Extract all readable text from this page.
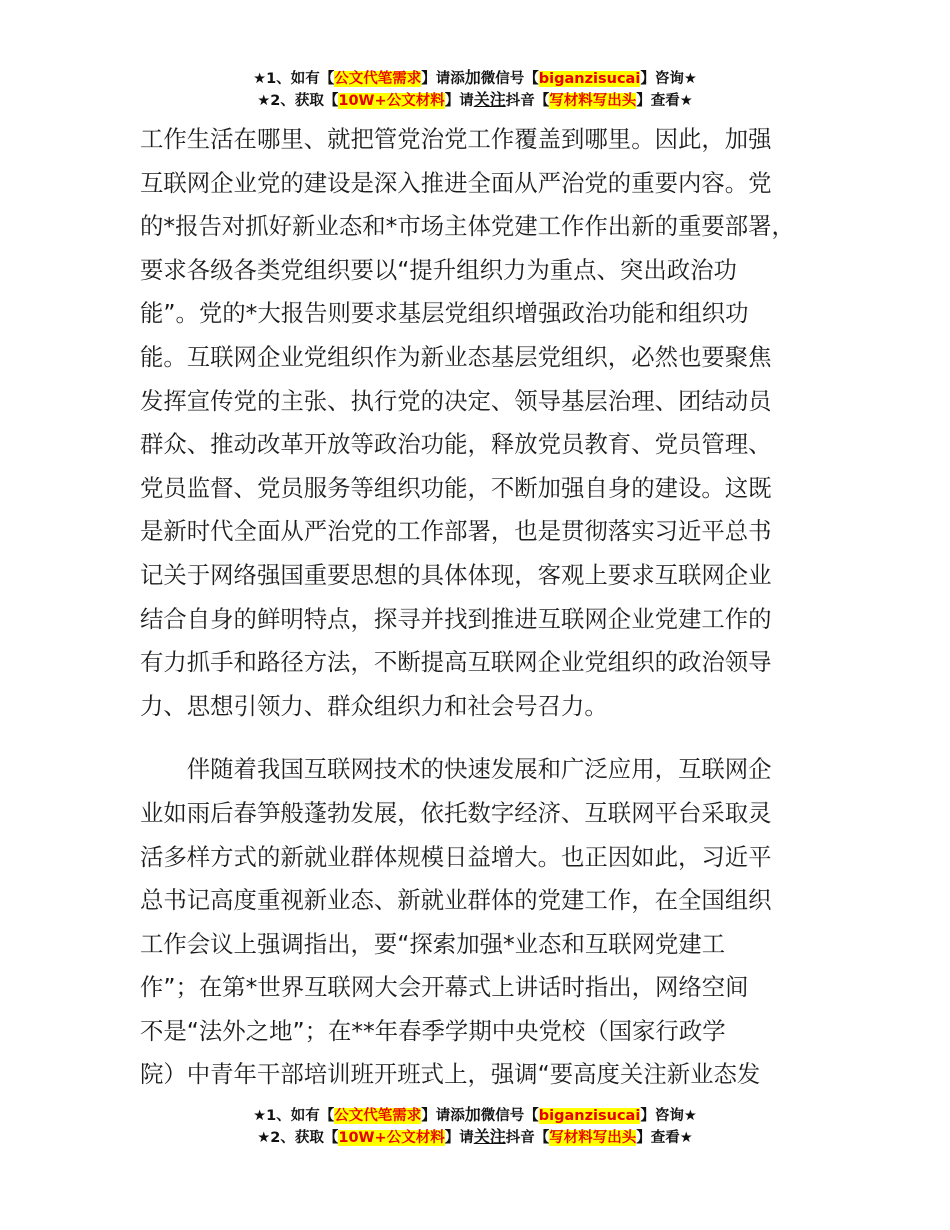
★1、如有【公文代笔需求】请添加微信号【biganzisucai】咨询★
★2、获取【10W+公文材料】请关注抖音【写材料写出头】查看★
工作生活在哪里、就把管党治党工作覆盖到哪里。因此，加强
互联网企业党的建设是深入推进全面从严治党的重要内容。党
的*报告对抓好新业态和*市场主体党建工作作出新的重要部署，
要求各级各类党组织要以“提升组织力为重点、突出政治功
能”。党的*大报告则要求基层党组织增强政治功能和组织功
能。互联网企业党组织作为新业态基层党组织，必然也要聚焦
发挥宣传党的主张、执行党的决定、领导基层治理、团结动员
群众、推动改革开放等政治功能，释放党员教育、党员管理、
党员监督、党员服务等组织功能，不断加强自身的建设。这既
是新时代全面从严治党的工作部署，也是贯彻落实习近平总书
记关于网络强国重要思想的具体体现，客观上要求互联网企业
结合自身的鲜明特点，探寻并找到推进互联网企业党建工作的
有力抓手和路径方法，不断提高互联网企业党组织的政治领导
力、思想引领力、群众组织力和社会号召力。
　　伴随着我国互联网技术的快速发展和广泛应用，互联网企
业如雨后春笋般蓬勃发展，依托数字经济、互联网平台采取灵
活多样方式的新就业群体规模日益增大。也正因如此，习近平
总书记高度重视新业态、新就业群体的党建工作，在全国组织
工作会议上强调指出，要“探索加强*业态和互联网党建工
作”；在第*世界互联网大会开幕式上讲话时指出，网络空间
不是“法外之地”；在**年春季学期中央党校（国家行政学
院）中青年干部培训班开班式上，强调“要高度关注新业态发
★1、如有【公文代笔需求】请添加微信号【biganzisucai】咨询★
★2、获取【10W+公文材料】请关注抖音【写材料写出头】查看★
